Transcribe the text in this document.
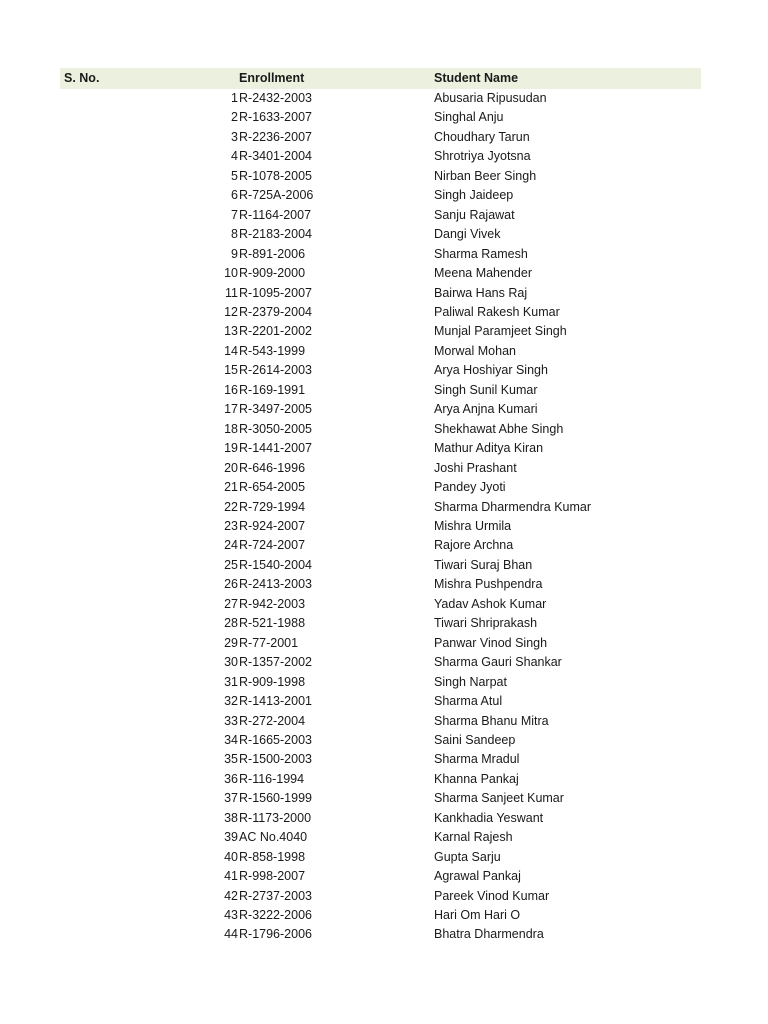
S. No.	Enrollment	Student Name
1 R-2432-2003	Abusaria Ripusudan
2 R-1633-2007	Singhal Anju
3 R-2236-2007	Choudhary Tarun
4 R-3401-2004	Shrotriya Jyotsna
5 R-1078-2005	Nirban Beer Singh
6 R-725A-2006	Singh Jaideep
7 R-1164-2007	Sanju Rajawat
8 R-2183-2004	Dangi Vivek
9 R-891-2006	Sharma Ramesh
10 R-909-2000	Meena Mahender
11 R-1095-2007	Bairwa Hans Raj
12 R-2379-2004	Paliwal Rakesh Kumar
13 R-2201-2002	Munjal Paramjeet Singh
14 R-543-1999	Morwal Mohan
15 R-2614-2003	Arya Hoshiyar Singh
16 R-169-1991	Singh Sunil Kumar
17 R-3497-2005	Arya Anjna Kumari
18 R-3050-2005	Shekhawat Abhe Singh
19 R-1441-2007	Mathur Aditya Kiran
20 R-646-1996	Joshi Prashant
21 R-654-2005	Pandey Jyoti
22 R-729-1994	Sharma Dharmendra Kumar
23 R-924-2007	Mishra Urmila
24 R-724-2007	Rajore Archna
25 R-1540-2004	Tiwari Suraj Bhan
26 R-2413-2003	Mishra Pushpendra
27 R-942-2003	Yadav Ashok Kumar
28 R-521-1988	Tiwari Shriprakash
29 R-77-2001	Panwar Vinod Singh
30 R-1357-2002	Sharma Gauri Shankar
31 R-909-1998	Singh Narpat
32 R-1413-2001	Sharma Atul
33 R-272-2004	Sharma Bhanu Mitra
34 R-1665-2003	Saini Sandeep
35 R-1500-2003	Sharma Mradul
36 R-116-1994	Khanna Pankaj
37 R-1560-1999	Sharma Sanjeet Kumar
38 R-1173-2000	Kankhadia Yeswant
39 AC No.4040	Karnal Rajesh
40 R-858-1998	Gupta Sarju
41 R-998-2007	Agrawal Pankaj
42 R-2737-2003	Pareek Vinod Kumar
43 R-3222-2006	Hari Om Hari O
44 R-1796-2006	Bhatra Dharmendra
